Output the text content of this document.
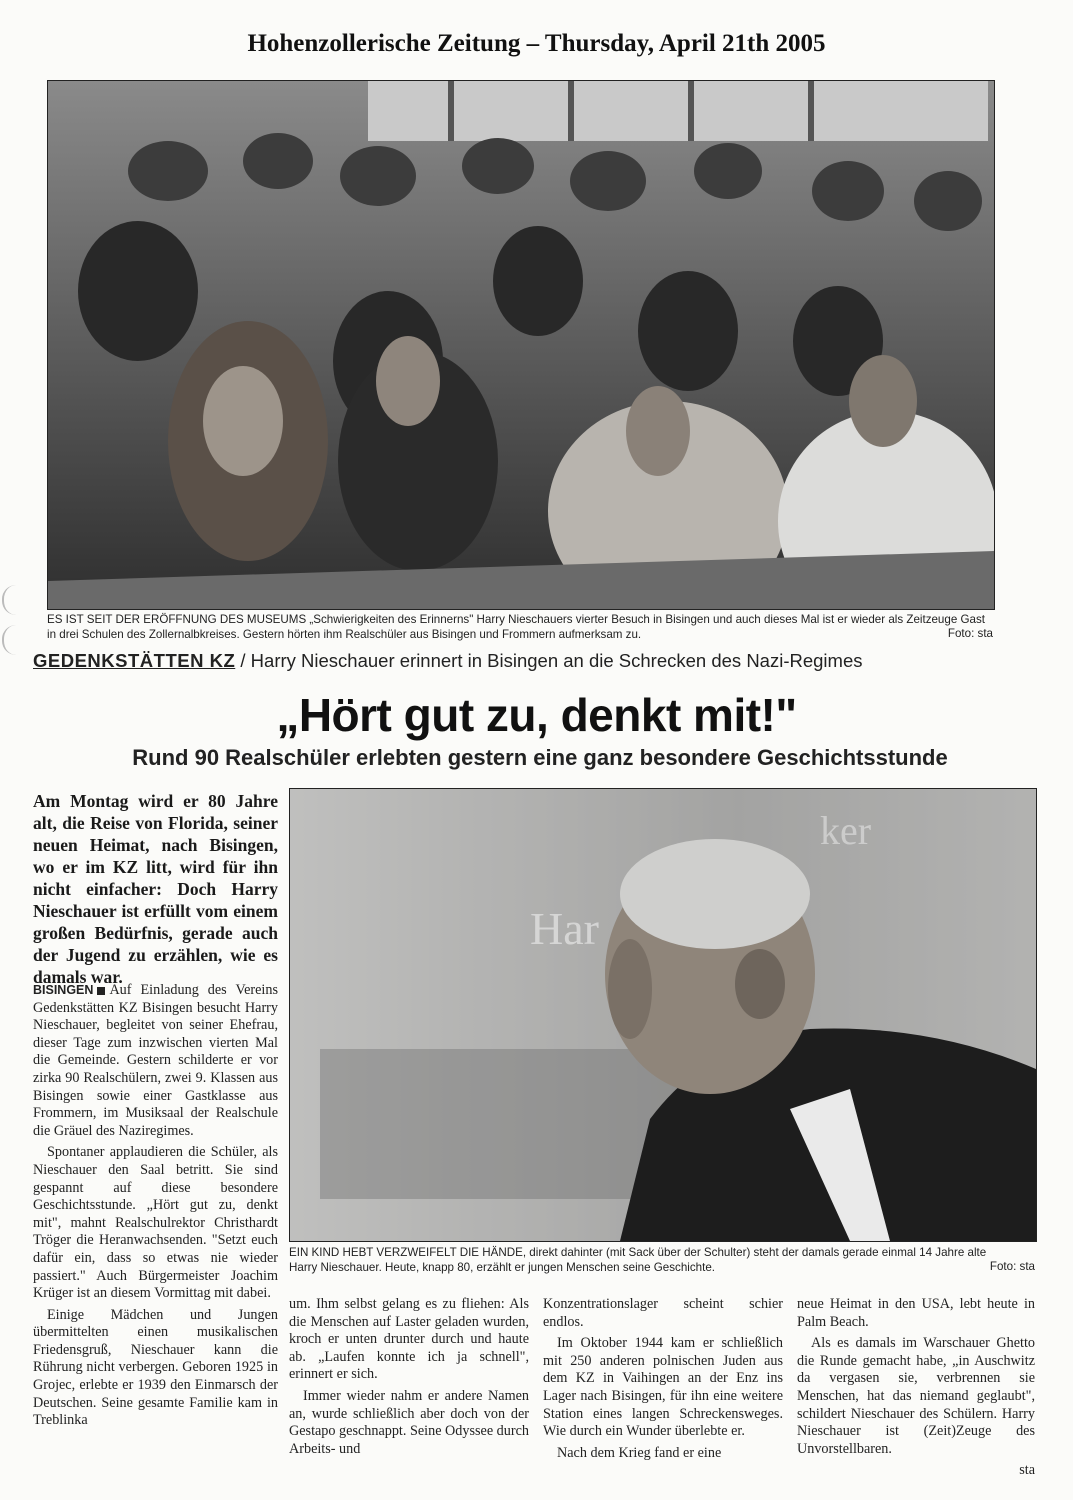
Hohenzollerische Zeitung – Thursday, April 21th 2005
ES IST SEIT DER ERÖFFNUNG DES MUSEUMS „Schwierigkeiten des Erinnerns" Harry Nieschauers vierter Besuch in Bisingen und auch dieses Mal ist er wieder als Zeitzeuge Gast
in drei Schulen des Zollernalbkreises. Gestern hörten ihm Realschüler aus Bisingen und Frommern aufmerksam zu.	Foto: sta
GEDENKSTÄTTEN KZ / Harry Nieschauer erinnert in Bisingen an die Schrecken des Nazi-Regimes
„Hört gut zu, denkt mit!"
Rund 90 Realschüler erlebten gestern eine ganz besondere Geschichtsstunde
Am Montag wird er 80 Jahre alt, die Reise von Florida, seiner neuen Heimat, nach Bisingen, wo er im KZ litt, wird für ihn nicht einfacher: Doch Harry Nieschauer ist erfüllt vom einem großen Bedürfnis, gerade auch der Jugend zu erzählen, wie es damals war.

BISINGEN Auf Einladung des Vereins Gedenkstätten KZ Bisingen besucht Harry Nieschauer, begleitet von seiner Ehefrau, dieser Tage zum inzwischen vierten Mal die Gemeinde. Gestern schilderte er vor zirka 90 Realschülern, zwei 9. Klassen aus Bisingen sowie einer Gastklasse aus Frommern, im Musiksaal der Realschule die Gräuel des Naziregimes.

Spontaner applaudieren die Schüler, als Nieschauer den Saal betritt. Sie sind gespannt auf diese besondere Geschichtsstunde. „Hört gut zu, denkt mit", mahnt Realschulrektor Christhardt Tröger die Heranwachsenden. "Setzt euch dafür ein, dass so etwas nie wieder passiert." Auch Bürgermeister Joachim Krüger ist an diesem Vormittag mit dabei.

Einige Mädchen und Jungen übermittelten einen musikalischen Friedensgruß, Nieschauer kann die Rührung nicht verbergen. Geboren 1925 in Grojec, erlebte er 1939 den Einmarsch der Deutschen. Seine gesamte Familie kam in Treblinka

Har
ker
EIN KIND HEBT VERZWEIFELT DIE HÄNDE, direkt dahinter (mit Sack über der Schulter) steht der damals gerade einmal 14 Jahre alte
Harry Nieschauer. Heute, knapp 80, erzählt er jungen Menschen seine Geschichte.	Foto: sta

um. Ihm selbst gelang es zu fliehen: Als die Menschen auf Laster geladen wurden, kroch er unten drunter durch und haute ab. „Laufen konnte ich ja schnell", erinnert er sich.

Immer wieder nahm er andere Namen an, wurde schließlich aber doch von der Gestapo geschnappt. Seine Odyssee durch Arbeits- und

Konzentrationslager scheint schier endlos.

Im Oktober 1944 kam er schließlich mit 250 anderen polnischen Juden aus dem KZ in Vaihingen an der Enz ins Lager nach Bisingen, für ihn eine weitere Station eines langen Schreckensweges. Wie durch ein Wunder überlebte er.

Nach dem Krieg fand er eine

neue Heimat in den USA, lebt heute in Palm Beach.

Als es damals im Warschauer Ghetto die Runde gemacht habe, „in Auschwitz da vergasen sie, verbrennen sie Menschen, hat das niemand geglaubt", schildert Nieschauer des Schülern. Harry Nieschauer ist (Zeit)Zeuge des Unvorstellbaren.

sta
